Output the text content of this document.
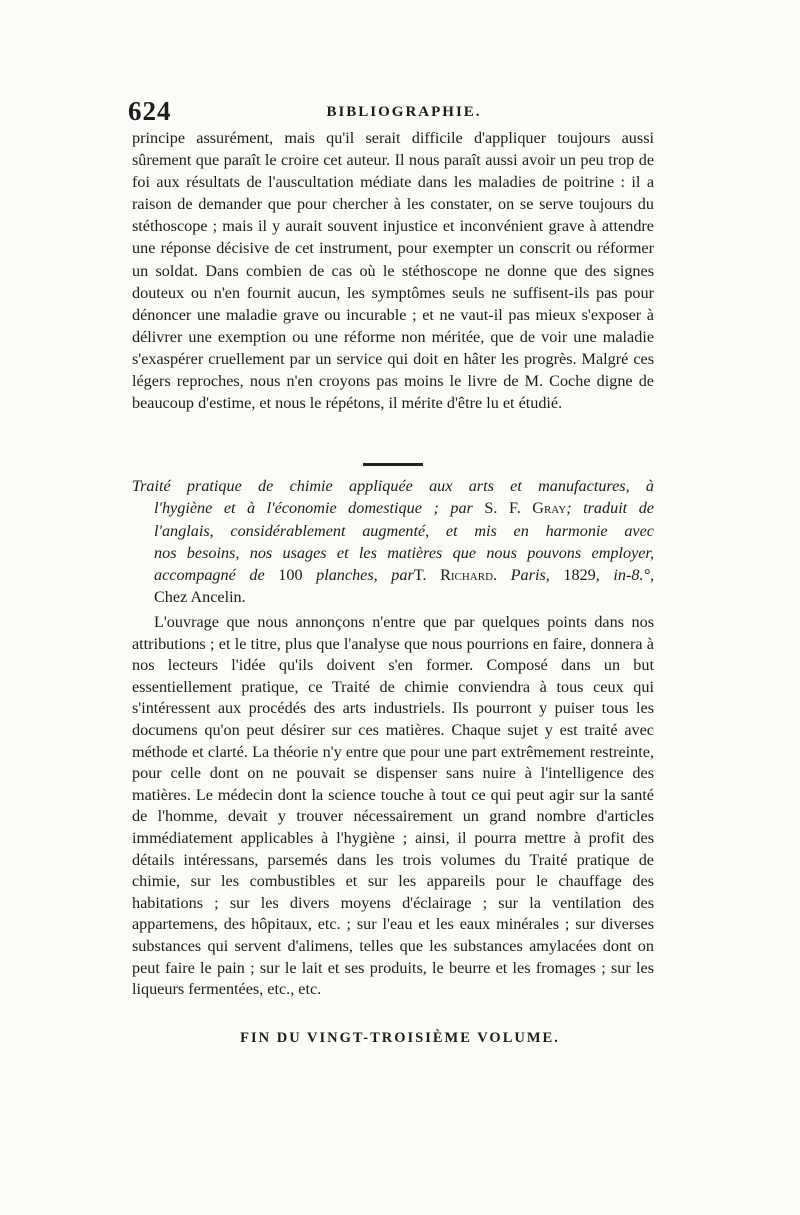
624	BIBLIOGRAPHIE.

principe assurément, mais qu'il serait difficile d'appliquer toujours aussi sûrement que paraît le croire cet auteur. Il nous paraît aussi avoir un peu trop de foi aux résultats de l'auscultation médiate dans les maladies de poitrine : il a raison de demander que pour chercher à les constater, on se serve toujours du stéthoscope ; mais il y aurait souvent injustice et inconvénient grave à attendre une réponse décisive de cet instrument, pour exempter un conscrit ou réformer un soldat. Dans combien de cas où le stéthoscope ne donne que des signes douteux ou n'en fournit aucun, les symptômes seuls ne suffisent-ils pas pour dénoncer une maladie grave ou incurable ; et ne vaut-il pas mieux s'exposer à délivrer une exemption ou une réforme non méritée, que de voir une maladie s'exaspérer cruellement par un service qui doit en hâter les progrès. Malgré ces légers reproches, nous n'en croyons pas moins le livre de M. Coche digne de beaucoup d'estime, et nous le répétons, il mérite d'être lu et étudié.

Traité pratique de chimie appliquée aux arts et manufactures, à
l'hygiène et à l'économie domestique ; par S. F. Gray; traduit de
l'anglais, considérablement augmenté, et mis en harmonie avec
nos besoins, nos usages et les matières que nous pouvons employer,
accompagné de 100 planches, parT. Richard. Paris, 1829, in-8.°,
Chez Ancelin.

L'ouvrage que nous annonçons n'entre que par quelques points dans nos attributions ; et le titre, plus que l'analyse que nous pourrions en faire, donnera à nos lecteurs l'idée qu'ils doivent s'en former. Composé dans un but essentiellement pratique, ce Traité de chimie conviendra à tous ceux qui s'intéressent aux procédés des arts industriels. Ils pourront y puiser tous les documens qu'on peut désirer sur ces matières. Chaque sujet y est traité avec méthode et clarté. La théorie n'y entre que pour une part extrêmement restreinte, pour celle dont on ne pouvait se dispenser sans nuire à l'intelligence des matières. Le médecin dont la science touche à tout ce qui peut agir sur la santé de l'homme, devait y trouver nécessairement un grand nombre d'articles immédiatement applicables à l'hygiène ; ainsi, il pourra mettre à profit des détails intéressans, parsemés dans les trois volumes du Traité pratique de chimie, sur les combustibles et sur les appareils pour le chauffage des habitations ; sur les divers moyens d'éclairage ; sur la ventilation des appartemens, des hôpitaux, etc. ; sur l'eau et les eaux minérales ; sur diverses substances qui servent d'alimens, telles que les substances amylacées dont on peut faire le pain ; sur le lait et ses produits, le beurre et les fromages ; sur les liqueurs fermentées, etc., etc.

FIN DU VINGT-TROISIÈME VOLUME.
